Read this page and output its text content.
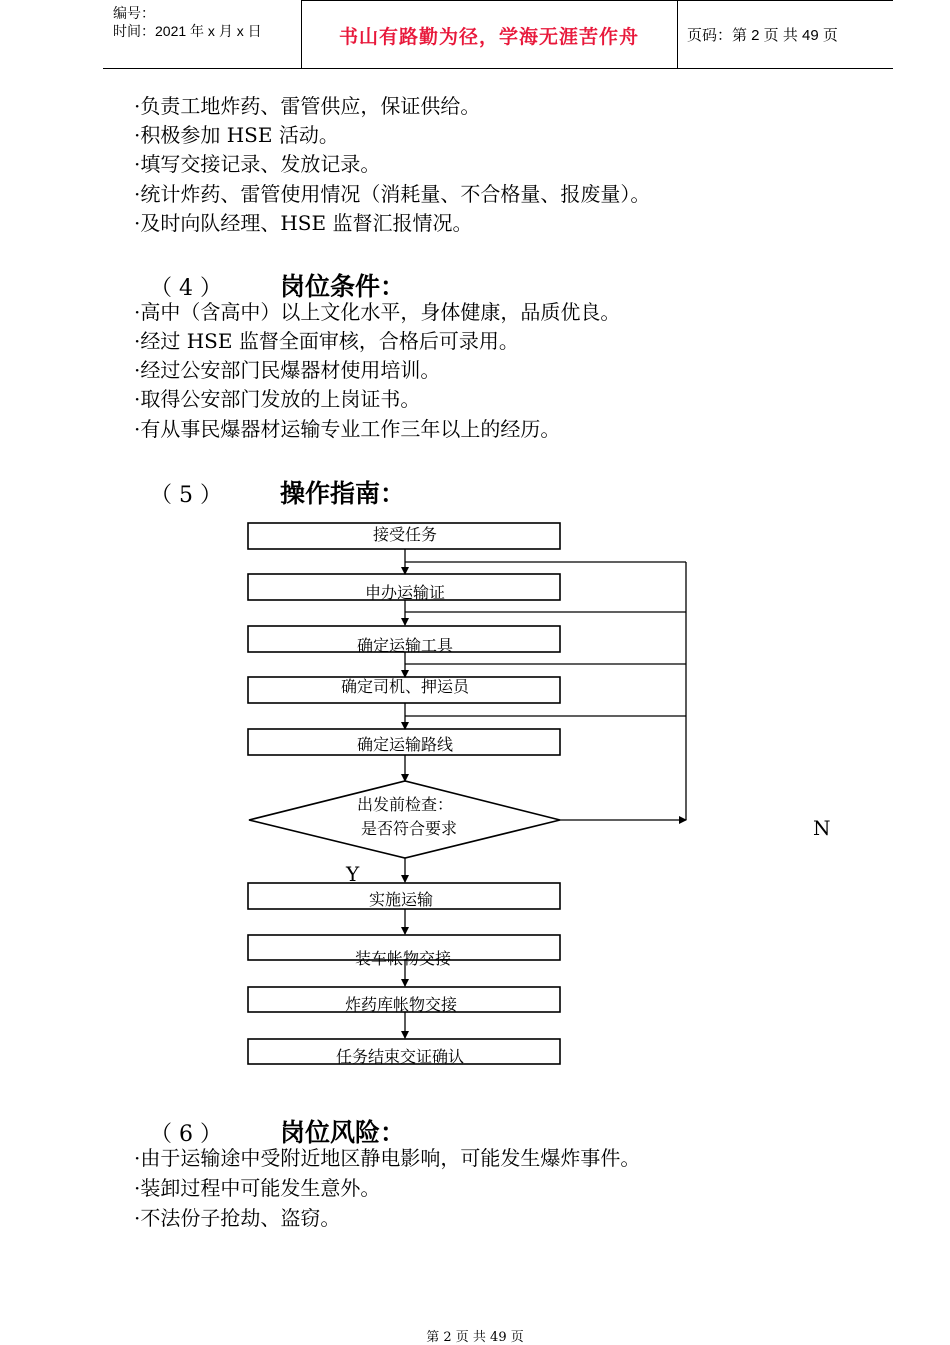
编号：
时间：2021 年 x 月 x 日	书山有路勤为径，学海无涯苦作舟	页码：第 2 页 共 49 页
·负责工地炸药、雷管供应，保证供给。
·积极参加 HSE 活动。
·填写交接记录、发放记录。
·统计炸药、雷管使用情况（消耗量、不合格量、报废量）。
·及时向队经理、HSE 监督汇报情况。
（ 4 ） 岗位条件：
·高中（含高中）以上文化水平，身体健康，品质优良。
·经过 HSE 监督全面审核，合格后可录用。
·经过公安部门民爆器材使用培训。
·取得公安部门发放的上岗证书。
·有从事民爆器材运输专业工作三年以上的经历。
（ 5 ） 操作指南：
接受任务
申办运输证
确定运输工具
确定司机、押运员
确定运输路线
出发前检查：
是否符合要求
实施运输
装车帐物交接
炸药库帐物交接
任务结束交证确认
Y
N
（ 6 ） 岗位风险：
·由于运输途中受附近地区静电影响，可能发生爆炸事件。
·装卸过程中可能发生意外。
·不法份子抢劫、盗窃。
第 2 页 共 49 页
